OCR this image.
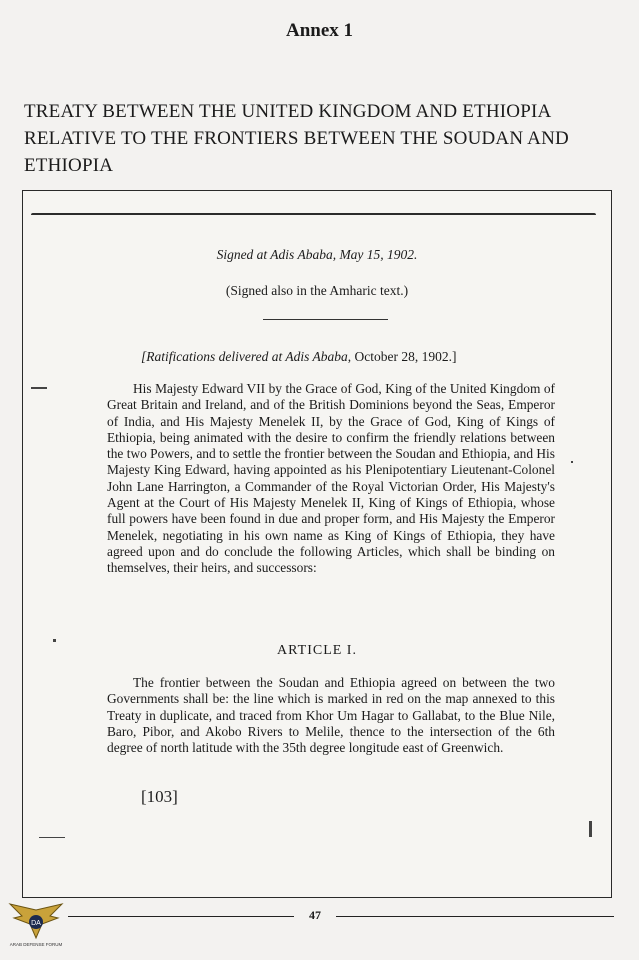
Annex 1
TREATY BETWEEN THE UNITED KINGDOM AND ETHIOPIA RELATIVE TO THE FRONTIERS BETWEEN THE SOUDAN AND ETHIOPIA
Signed at Adis Ababa, May 15, 1902.
(Signed also in the Amharic text.)
[Ratifications delivered at Adis Ababa, October 28, 1902.]

His Majesty Edward VII by the Grace of God, King of the United Kingdom of Great Britain and Ireland, and of the British Dominions beyond the Seas, Emperor of India, and His Majesty Menelek II, by the Grace of God, King of Kings of Ethiopia, being animated with the desire to confirm the friendly relations between the two Powers, and to settle the frontier between the Soudan and Ethiopia, and His Majesty King Edward, having appointed as his Plenipotentiary Lieutenant-Colonel John Lane Harrington, a Commander of the Royal Victorian Order, His Majesty's Agent at the Court of His Majesty Menelek II, King of Kings of Ethiopia, whose full powers have been found in due and proper form, and His Majesty the Emperor Menelek, negotiating in his own name as King of Kings of Ethiopia, they have agreed upon and do conclude the following Articles, which shall be binding on themselves, their heirs, and successors:

ARTICLE I.

The frontier between the Soudan and Ethiopia agreed on between the two Governments shall be: the line which is marked in red on the map annexed to this Treaty in duplicate, and traced from Khor Um Hagar to Gallabat, to the Blue Nile, Baro, Pibor, and Akobo Rivers to Melile, thence to the intersection of the 6th degree of north latitude with the 35th degree longitude east of Greenwich.

[103]
47
DA
ARAB DEFENSE FORUM
